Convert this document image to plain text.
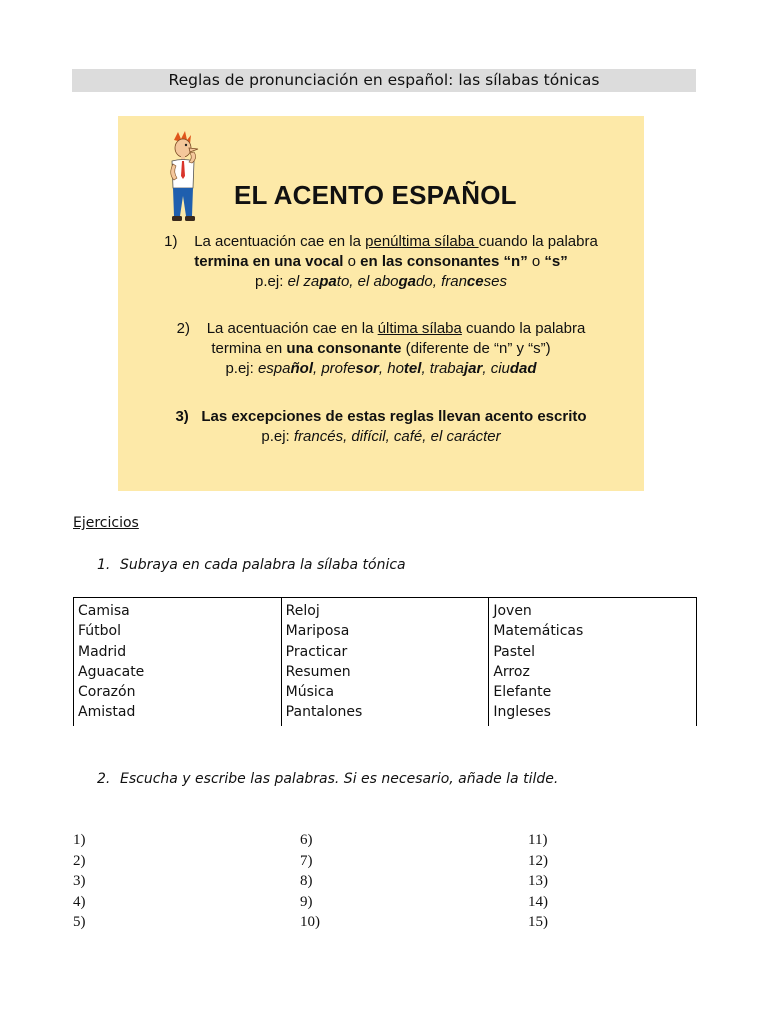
Reglas de pronunciación en español: las sílabas tónicas
EL ACENTO ESPAÑOL
1) La acentuación cae en la penúltima sílaba cuando la palabra
termina en una vocal o en las consonantes “n” o “s”
p.ej: el zapato, el abogado, franceses
2) La acentuación cae en la última sílaba cuando la palabra
termina en una consonante (diferente de “n” y “s”)
p.ej: español, profesor, hotel, trabajar, ciudad
3) Las excepciones de estas reglas llevan acento escrito
p.ej: francés, difícil, café, el carácter
Ejercicios
1. Subraya en cada palabra la sílaba tónica
Camisa
Fútbol
Madrid
Aguacate
Corazón
Amistad
Reloj
Mariposa
Practicar
Resumen
Música
Pantalones
Joven
Matemáticas
Pastel
Arroz
Elefante
Ingleses
2. Escucha y escribe las palabras. Si es necesario, añade la tilde.
1)
2)
3)
4)
5)
6)
7)
8)
9)
10)
11)
12)
13)
14)
15)
